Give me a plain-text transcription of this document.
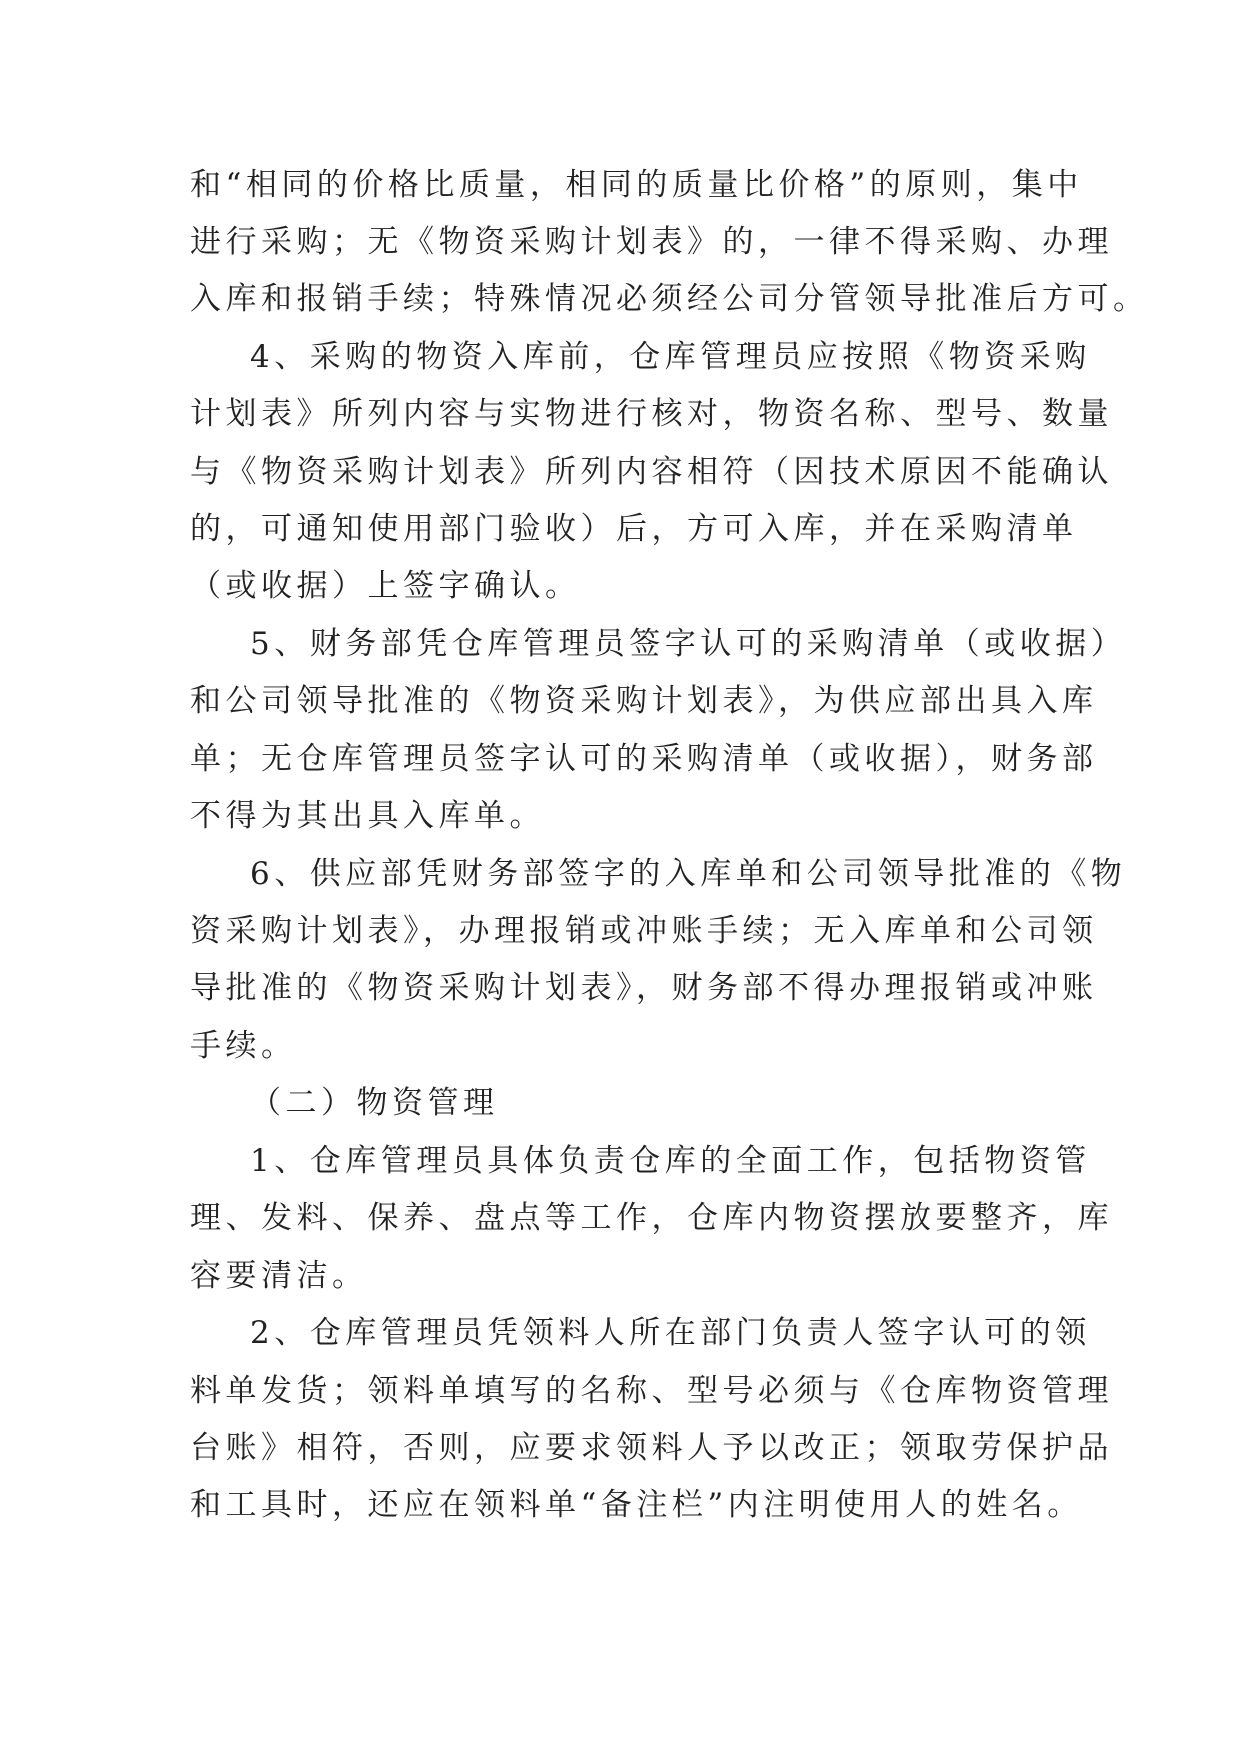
和“相同的价格比质量，相同的质量比价格”的原则，集中
进行采购；无《物资采购计划表》的，一律不得采购、办理
入库和报销手续；特殊情况必须经公司分管领导批准后方可。
4、采购的物资入库前，仓库管理员应按照《物资采购
计划表》所列内容与实物进行核对，物资名称、型号、数量
与《物资采购计划表》所列内容相符（因技术原因不能确认
的，可通知使用部门验收）后，方可入库，并在采购清单
（或收据）上签字确认。
5、财务部凭仓库管理员签字认可的采购清单（或收据）
和公司领导批准的《物资采购计划表》，为供应部出具入库
单；无仓库管理员签字认可的采购清单（或收据），财务部
不得为其出具入库单。
6、供应部凭财务部签字的入库单和公司领导批准的《物
资采购计划表》，办理报销或冲账手续；无入库单和公司领
导批准的《物资采购计划表》，财务部不得办理报销或冲账
手续。
（二）物资管理
1、仓库管理员具体负责仓库的全面工作，包括物资管
理、发料、保养、盘点等工作，仓库内物资摆放要整齐，库
容要清洁。
2、仓库管理员凭领料人所在部门负责人签字认可的领
料单发货；领料单填写的名称、型号必须与《仓库物资管理
台账》相符，否则，应要求领料人予以改正；领取劳保护品
和工具时，还应在领料单“备注栏”内注明使用人的姓名。
